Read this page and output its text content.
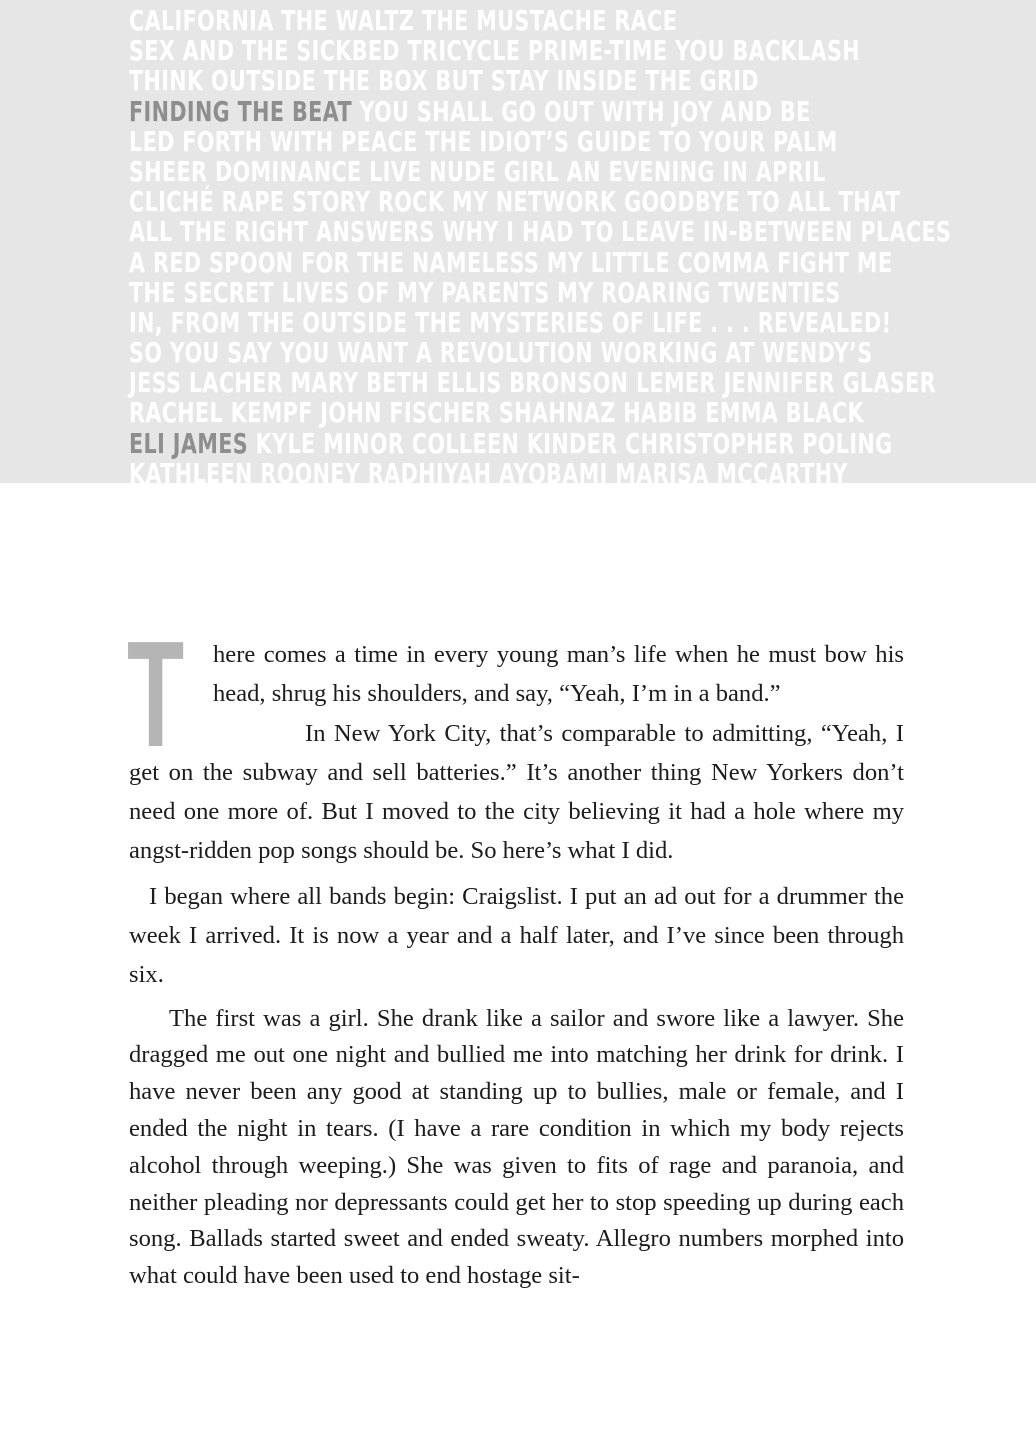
CALIFORNIA THE WALTZ THE MUSTACHE RACE
SEX AND THE SICKBED TRICYCLE PRIME-TIME YOU BACKLASH
THINK OUTSIDE THE BOX BUT STAY INSIDE THE GRID
FINDING THE BEAT YOU SHALL GO OUT WITH JOY AND BE
LED FORTH WITH PEACE THE IDIOT’S GUIDE TO YOUR PALM
SHEER DOMINANCE LIVE NUDE GIRL AN EVENING IN APRIL
CLICHÉ RAPE STORY ROCK MY NETWORK GOODBYE TO ALL THAT
ALL THE RIGHT ANSWERS WHY I HAD TO LEAVE IN-BETWEEN PLACES
A RED SPOON FOR THE NAMELESS MY LITTLE COMMA FIGHT ME
THE SECRET LIVES OF MY PARENTS MY ROARING TWENTIES
IN, FROM THE OUTSIDE THE MYSTERIES OF LIFE . . . REVEALED!
SO YOU SAY YOU WANT A REVOLUTION WORKING AT WENDY’S
JESS LACHER MARY BETH ELLIS BRONSON LEMER JENNIFER GLASER
RACHEL KEMPF JOHN FISCHER SHAHNAZ HABIB EMMA BLACK
ELI JAMES KYLE MINOR COLLEEN KINDER CHRISTOPHER POLING
KATHLEEN ROONEY RADHIYAH AYOBAMI MARISA MCCARTHY

T here comes a time in every young man’s life when he must bow his head, shrug his shoulders, and say, “Yeah, I’m in a band.”

In New York City, that’s comparable to admitting, “Yeah, I get on the subway and sell batteries.” It’s another thing New Yorkers don’t need one more of. But I moved to the city believing it had a hole where my angst-ridden pop songs should be. So here’s what I did.

I began where all bands begin: Craigslist. I put an ad out for a drummer the week I arrived. It is now a year and a half later, and I’ve since been through six.

The first was a girl. She drank like a sailor and swore like a lawyer. She dragged me out one night and bullied me into matching her drink for drink. I have never been any good at standing up to bullies, male or female, and I ended the night in tears. (I have a rare condition in which my body rejects alcohol through weeping.) She was given to fits of rage and paranoia, and neither pleading nor depressants could get her to stop speeding up during each song. Ballads started sweet and ended sweaty. Allegro numbers morphed into what could have been used to end hostage sit-
